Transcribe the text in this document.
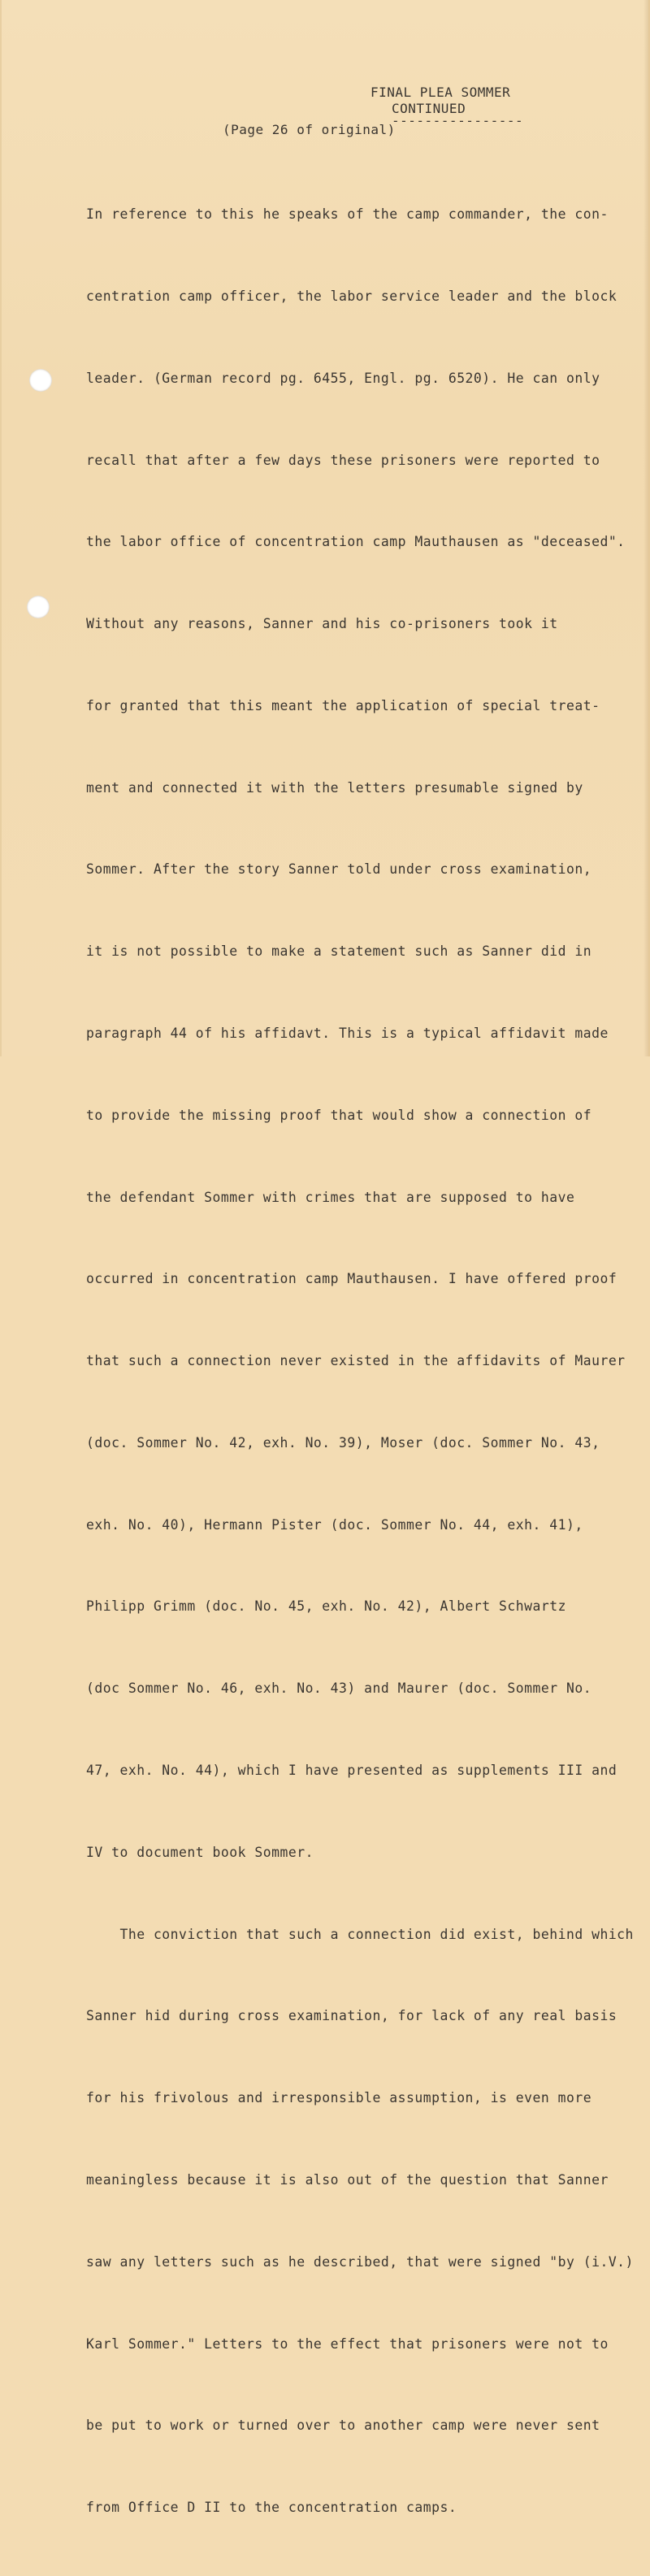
FINAL PLEA SOMMER
CONTINUED
----------------
(Page 26 of original)

In reference to this he speaks of the camp commander, the con-

centration camp officer, the labor service leader and the block

leader. (German record pg. 6455, Engl. pg. 6520). He can only

recall that after a few days these prisoners were reported to

the labor office of concentration camp Mauthausen as "deceased".

Without any reasons, Sanner and his co-prisoners took it

for granted that this meant the application of special treat-

ment and connected it with the letters presumable signed by

Sommer. After the story Sanner told under cross examination,

it is not possible to make a statement such as Sanner did in

paragraph 44 of his affidavt. This is a typical affidavit made

to provide the missing proof that would show a connection of

the defendant Sommer with crimes that are supposed to have

occurred in concentration camp Mauthausen. I have offered proof

that such a connection never existed in the affidavits of Maurer

(doc. Sommer No. 42, exh. No. 39), Moser (doc. Sommer No. 43,

exh. No. 40), Hermann Pister (doc. Sommer No. 44, exh. 41),

Philipp Grimm (doc. No. 45, exh. No. 42), Albert Schwartz

(doc Sommer No. 46, exh. No. 43) and Maurer (doc. Sommer No.

47, exh. No. 44), which I have presented as supplements III and

IV to document book Sommer.

The conviction that such a connection did exist, behind which

Sanner hid during cross examination, for lack of any real basis

for his frivolous and irresponsible assumption, is even more

meaningless because it is also out of the question that Sanner

saw any letters such as he described, that were signed "by (i.V.)

Karl Sommer." Letters to the effect that prisoners were not to

be put to work or turned over to another camp were never sent

from Office D II to the concentration camps.
